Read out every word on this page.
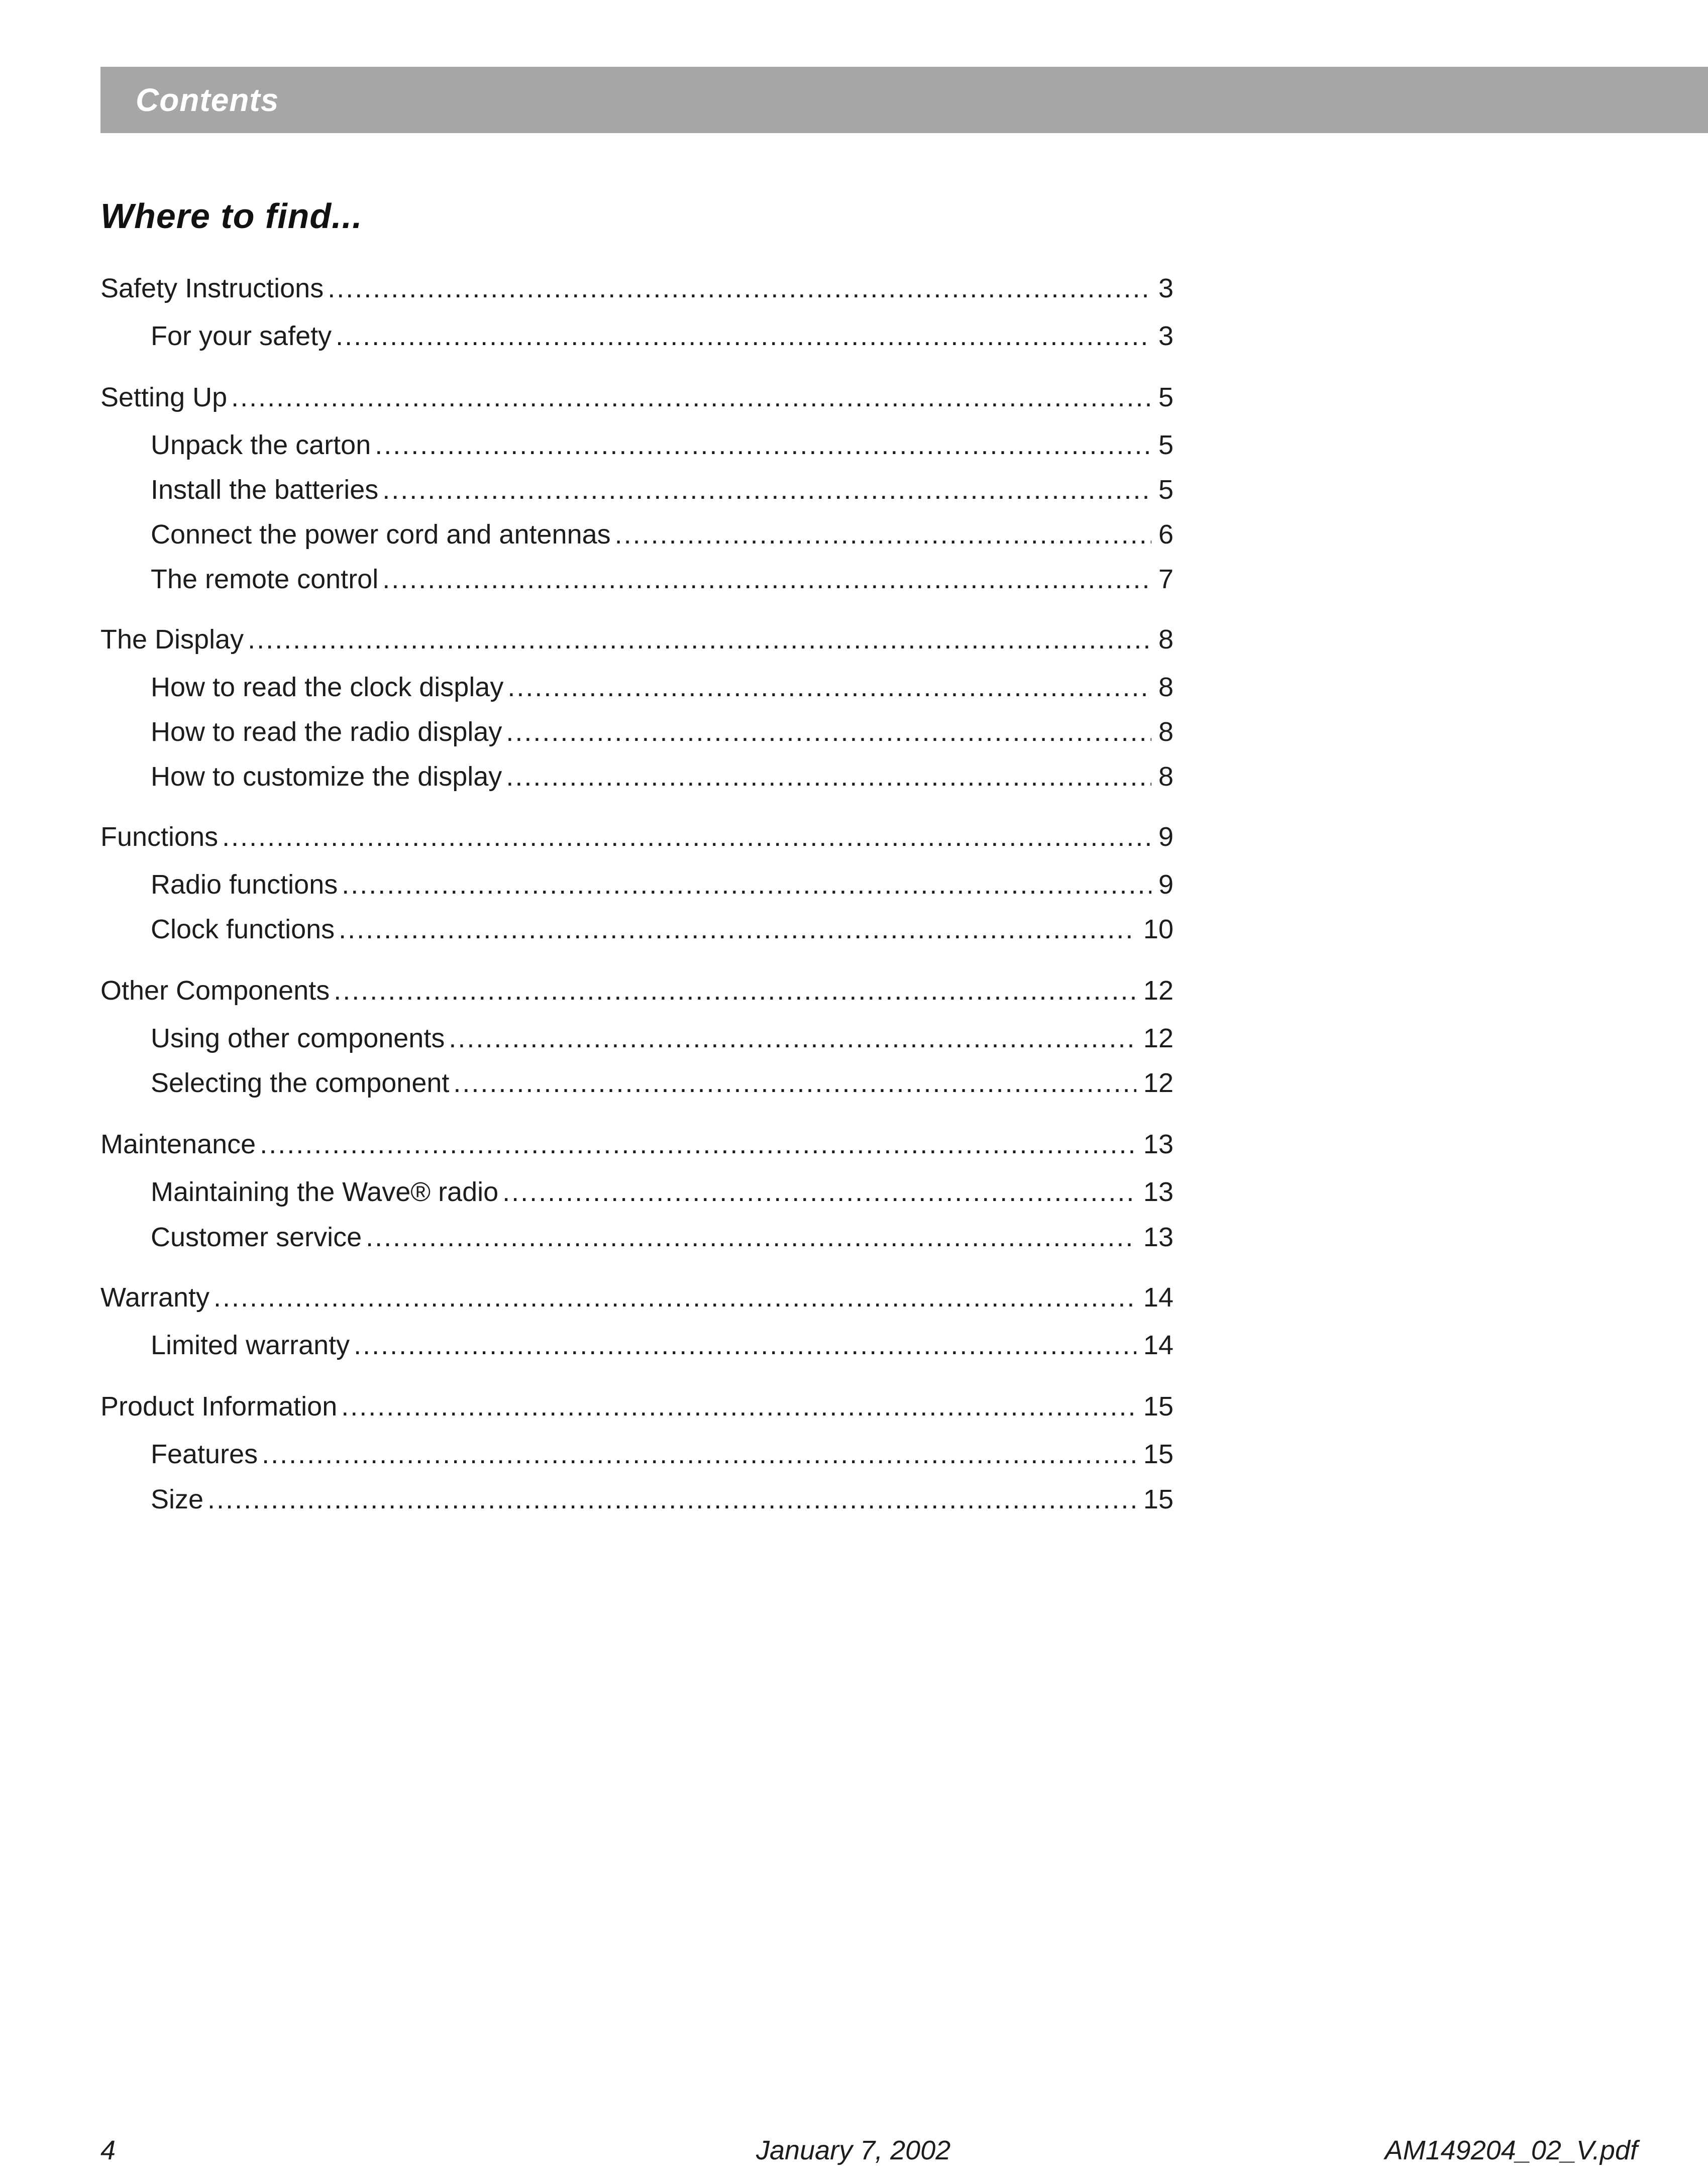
Contents
Where to find...
Safety Instructions .....	3
For your safety .....	3
Setting Up .....	5
Unpack the carton .....	5
Install the batteries .....	5
Connect the power cord and antennas .....	6
The remote control .....	7
The Display .....	8
How to read the clock display .....	8
How to read the radio display .....	8
How to customize the display .....	8
Functions .....	9
Radio functions .....	9
Clock functions .....	10
Other Components .....	12
Using other components .....	12
Selecting the component .....	12
Maintenance .....	13
Maintaining the Wave® radio .....	13
Customer service .....	13
Warranty .....	14
Limited warranty .....	14
Product Information .....	15
Features .....	15
Size .....	15
4	January 7, 2002	AM149204_02_V.pdf
